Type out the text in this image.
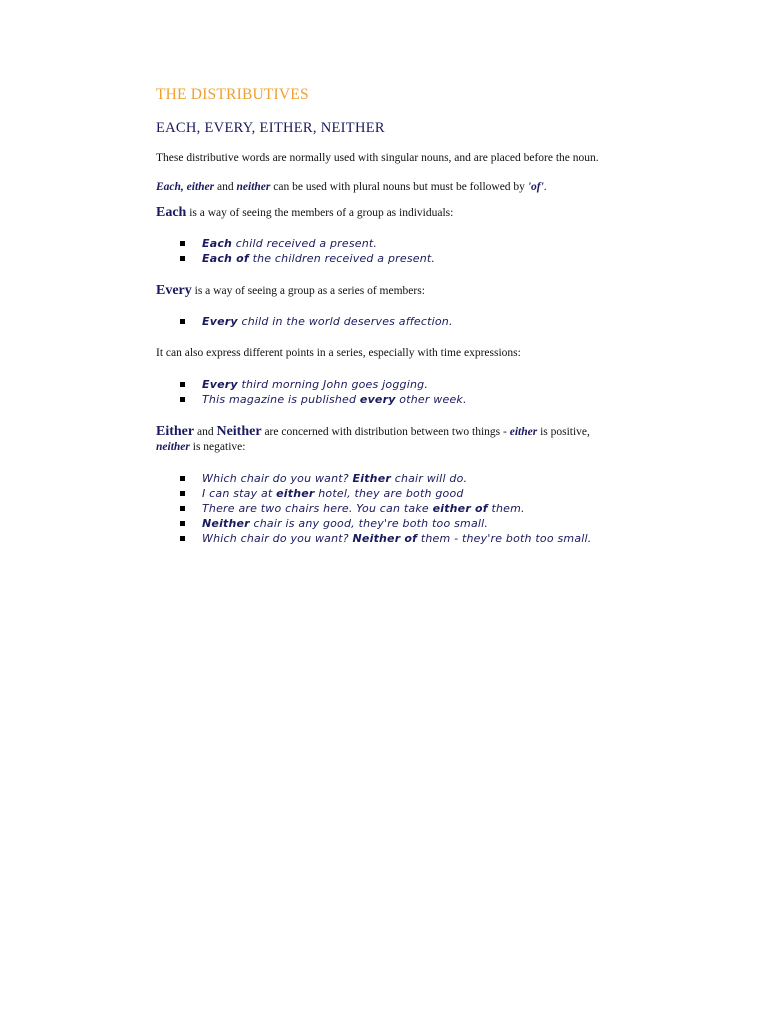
THE DISTRIBUTIVES
EACH, EVERY, EITHER, NEITHER

These distributive words are normally used with singular nouns, and are placed before the noun.

Each, either and neither can be used with plural nouns but must be followed by 'of'.

Each is a way of seeing the members of a group as individuals:

Each child received a present.
Each of the children received a present.

Every is a way of seeing a group as a series of members:

Every child in the world deserves affection.

It can also express different points in a series, especially with time expressions:

Every third morning John goes jogging.
This magazine is published every other week.

Either and Neither are concerned with distribution between two things - either is positive, neither is negative:

Which chair do you want? Either chair will do.
I can stay at either hotel, they are both good
There are two chairs here. You can take either of them.
Neither chair is any good, they're both too small.
Which chair do you want? Neither of them - they're both too small.
